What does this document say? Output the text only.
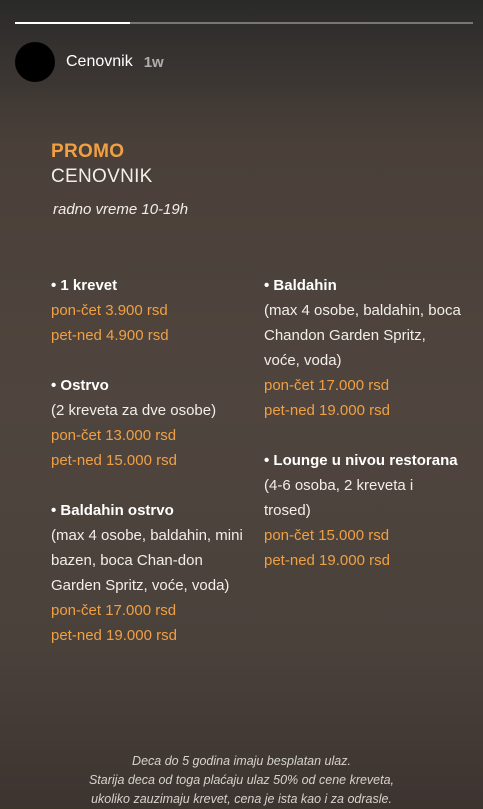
Cenovnik 1w
PROMO
CENOVNIK
radno vreme 10-19h
• 1 krevet
pon-čet 3.900 rsd
pet-ned 4.900 rsd
• Ostrvo
(2 kreveta za dve osobe)
pon-čet 13.000 rsd
pet-ned 15.000 rsd
• Baldahin ostrvo
(max 4 osobe, baldahin, mini bazen, boca Chan-don Garden Spritz, voće, voda)
pon-čet 17.000 rsd
pet-ned 19.000 rsd
• Baldahin
(max 4 osobe, baldahin, boca Chandon Garden Spritz, voće, voda)
pon-čet 17.000 rsd
pet-ned 19.000 rsd
• Lounge u nivou restorana
(4-6 osoba, 2 kreveta i trosed)
pon-čet 15.000 rsd
pet-ned 19.000 rsd
Deca do 5 godina imaju besplatan ulaz.
Starija deca od toga plaćaju ulaz 50% od cene kreveta,
ukoliko zauzimaju krevet, cena je ista kao i za odrasle.
